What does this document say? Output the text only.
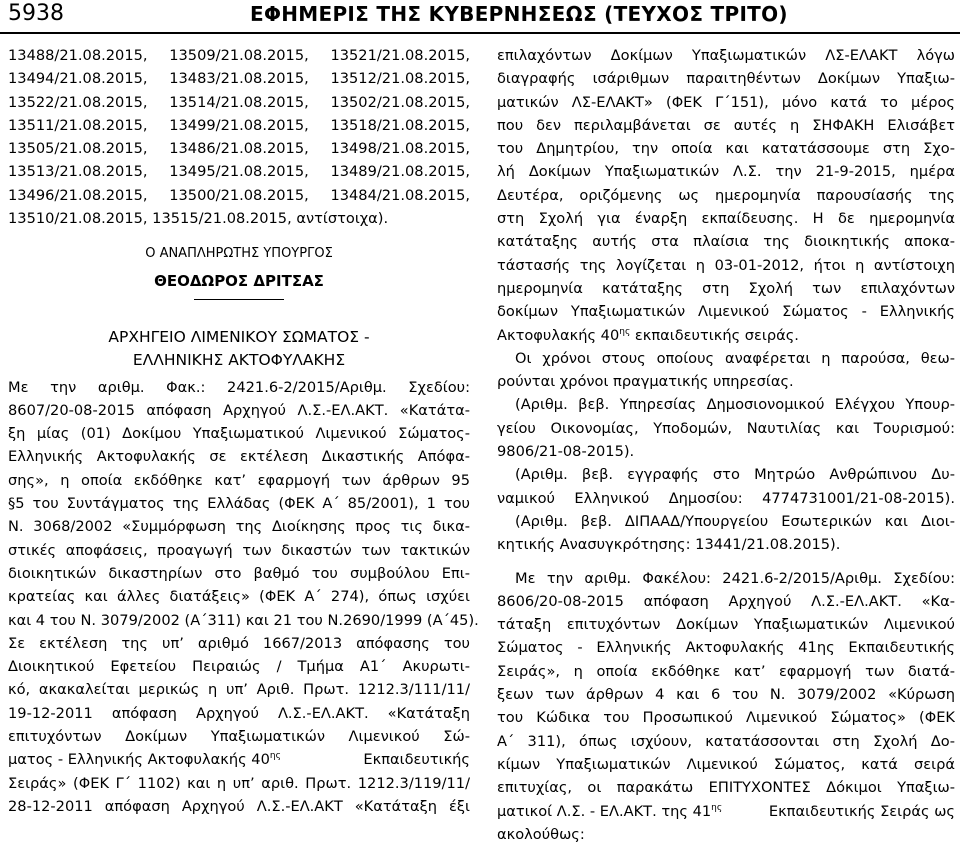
5938	ΕΦΗΜΕΡΙΣ ΤΗΣ ΚΥΒΕΡΝΗΣΕΩΣ (ΤΕΥΧΟΣ ΤΡΙΤΟ)
13488/21.08.2015, 13509/21.08.2015, 13521/21.08.2015,
13494/21.08.2015, 13483/21.08.2015, 13512/21.08.2015,
13522/21.08.2015, 13514/21.08.2015, 13502/21.08.2015,
13511/21.08.2015, 13499/21.08.2015, 13518/21.08.2015,
13505/21.08.2015, 13486/21.08.2015, 13498/21.08.2015,
13513/21.08.2015, 13495/21.08.2015, 13489/21.08.2015,
13496/21.08.2015, 13500/21.08.2015, 13484/21.08.2015,
13510/21.08.2015, 13515/21.08.2015, αντίστοιχα).
Ο ΑΝΑΠΛΗΡΩΤΗΣ ΥΠΟΥΡΓΟΣ
ΘΕΟΔΩΡΟΣ ΔΡΙΤΣΑΣ
ΑΡΧΗΓΕΙΟ ΛΙΜΕΝΙΚΟΥ ΣΩΜΑΤΟΣ -
ΕΛΛΗΝΙΚΗΣ ΑΚΤΟΦΥΛΑΚΗΣ
Με την αριθμ. Φακ.: 2421.6-2/2015/Αριθμ. Σχεδίου:
8607/20-08-2015 απόφαση Αρχηγού Λ.Σ.-ΕΛ.ΑΚΤ. «Κατάτα-
ξη μίας (01) Δοκίμου Υπαξιωματικού Λιμενικού Σώματος-
Ελληνικής Ακτοφυλακής σε εκτέλεση Δικαστικής Απόφα-
σης», η οποία εκδόθηκε κατ’ εφαρμογή των άρθρων 95
§5 του Συντάγματος της Ελλάδας (ΦΕΚ Α΄ 85/2001), 1 του
Ν. 3068/2002 «Συμμόρφωση της Διοίκησης προς τις δικα-
στικές αποφάσεις, προαγωγή των δικαστών των τακτικών
διοικητικών δικαστηρίων στο βαθμό του συμβούλου Επι-
κρατείας και άλλες διατάξεις» (ΦΕΚ Α΄ 274), όπως ισχύει
και 4 του Ν. 3079/2002 (Α΄311) και 21 του Ν.2690/1999 (Α΄45).
Σε εκτέλεση της υπ’ αριθμό 1667/2013 απόφασης του
Διοικητικού Εφετείου Πειραιώς / Τμήμα Α1΄ Ακυρωτι-
κό, ακακαλείται μερικώς η υπ’ Αριθ. Πρωτ. 1212.3/111/11/
19-12-2011 απόφαση Αρχηγού Λ.Σ.-ΕΛ.ΑΚΤ. «Κατάταξη
επιτυχόντων Δοκίμων Υπαξιωματικών Λιμενικού Σώ-
ματος - Ελληνικής Ακτοφυλακής $40^{\eta\varsigma}$	Εκπαιδευτικής
Σειράς» (ΦΕΚ Γ΄ 1102) και η υπ’ αριθ. Πρωτ. 1212.3/119/11/
28-12-2011 απόφαση Αρχηγού Λ.Σ.-ΕΛ.ΑΚΤ «Κατάταξη έξι
επιλαχόντων Δοκίμων Υπαξιωματικών ΛΣ-ΕΛΑΚΤ λόγω
διαγραφής ισάριθμων παραιτηθέντων Δοκίμων Υπαξιω-
ματικών ΛΣ-ΕΛΑΚΤ» (ΦΕΚ Γ΄151), μόνο κατά το μέρος
που δεν περιλαμβάνεται σε αυτές η ΣΗΦΑΚΗ Ελισάβετ
του Δημητρίου, την οποία και κατατάσσουμε στη Σχο-
λή Δοκίμων Υπαξιωματικών Λ.Σ. την 21-9-2015, ημέρα
Δευτέρα, οριζόμενης ως ημερομηνία παρουσίασής της
στη Σχολή για έναρξη εκπαίδευσης. Η δε ημερομηνία
κατάταξης αυτής στα πλαίσια της διοικητικής αποκα-
τάστασής της λογίζεται η 03-01-2012, ήτοι η αντίστοιχη
ημερομηνία κατάταξης στη Σχολή των επιλαχόντων
δοκίμων Υπαξιωματικών Λιμενικού Σώματος - Ελληνικής
Ακτοφυλακής $40^{\eta\varsigma}$ εκπαιδευτικής σειράς.
Οι χρόνοι στους οποίους αναφέρεται η παρούσα, θεω-
ρούνται χρόνοι πραγματικής υπηρεσίας.
(Αριθμ. βεβ. Υπηρεσίας Δημοσιονομικού Ελέγχου Υπουρ-
γείου Οικονομίας, Υποδομών, Ναυτιλίας και Τουρισμού:
9806/21-08-2015).
(Αριθμ. βεβ. εγγραφής στο Μητρώο Ανθρώπινου Δυ-
ναμικού Ελληνικού Δημοσίου: 4774731001/21-08-2015).
(Αριθμ. βεβ. ΔΙΠΑΑΔ/Υπουργείου Εσωτερικών και Διοι-
κητικής Ανασυγκρότησης: 13441/21.08.2015).
Με την αριθμ. Φακέλου: 2421.6-2/2015/Αριθμ. Σχεδίου:
8606/20-08-2015 απόφαση Αρχηγού Λ.Σ.-ΕΛ.ΑΚΤ. «Κα-
τάταξη επιτυχόντων Δοκίμων Υπαξιωματικών Λιμενικού
Σώματος - Ελληνικής Ακτοφυλακής 41ης Εκπαιδευτικής
Σειράς», η οποία εκδόθηκε κατ’ εφαρμογή των διατά-
ξεων των άρθρων 4 και 6 του Ν. 3079/2002 «Κύρωση
του Κώδικα του Προσωπικού Λιμενικού Σώματος» (ΦΕΚ
Α΄ 311), όπως ισχύουν, κατατάσσονται στη Σχολή Δο-
κίμων Υπαξιωματικών Λιμενικού Σώματος, κατά σειρά
επιτυχίας, οι παρακάτω ΕΠΙΤΥΧΟΝΤΕΣ Δόκιμοι Υπαξιω-
ματικοί Λ.Σ. - ΕΛ.ΑΚΤ. της $41^{\eta\varsigma}$	Εκπαιδευτικής Σειράς ως
ακολούθως:
